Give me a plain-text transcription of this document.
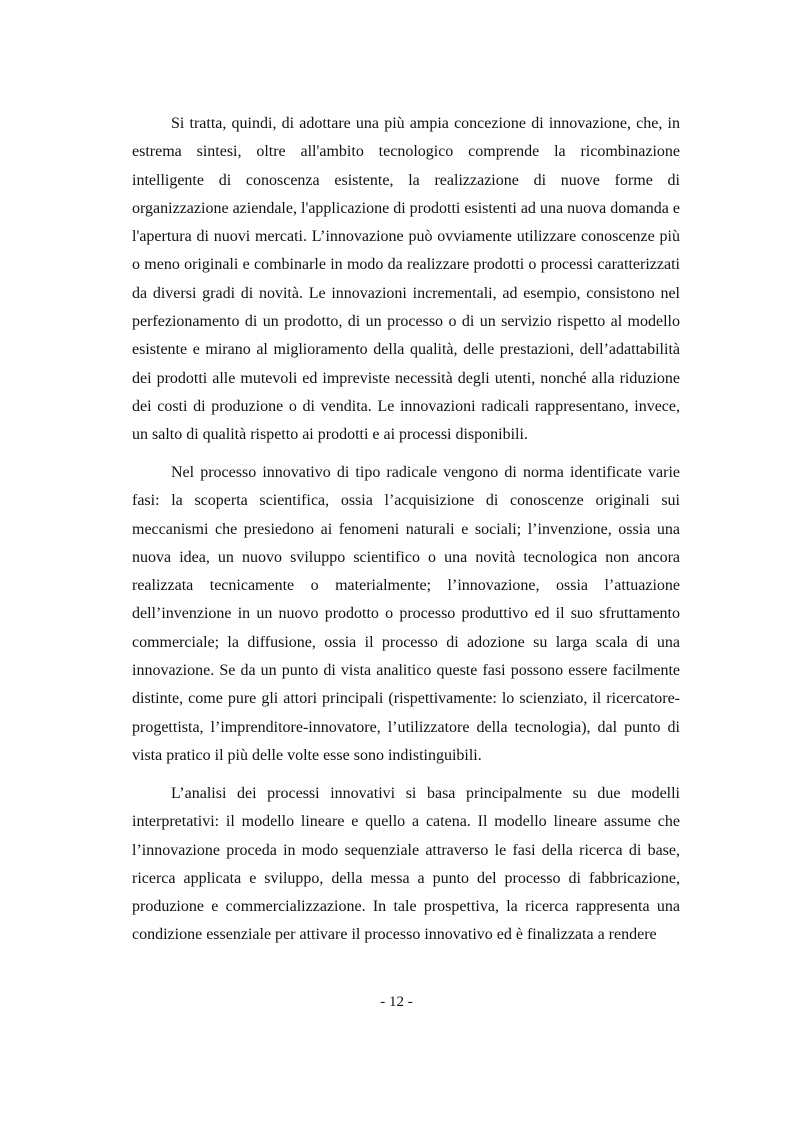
Si tratta, quindi, di adottare una più ampia concezione di innovazione, che, in estrema sintesi, oltre all'ambito tecnologico comprende la ricombinazione intelligente di conoscenza esistente, la realizzazione di nuove forme di organizzazione aziendale, l'applicazione di prodotti esistenti ad una nuova domanda e l'apertura di nuovi mercati. L’innovazione può ovviamente utilizzare conoscenze più o meno originali e combinarle in modo da realizzare prodotti o processi caratterizzati da diversi gradi di novità. Le innovazioni incrementali, ad esempio, consistono nel perfezionamento di un prodotto, di un processo o di un servizio rispetto al modello esistente e mirano al miglioramento della qualità, delle prestazioni, dell’adattabilità dei prodotti alle mutevoli ed impreviste necessità degli utenti, nonché alla riduzione dei costi di produzione o di vendita. Le innovazioni radicali rappresentano, invece, un salto di qualità rispetto ai prodotti e ai processi disponibili.

Nel processo innovativo di tipo radicale vengono di norma identificate varie fasi: la scoperta scientifica, ossia l’acquisizione di conoscenze originali sui meccanismi che presiedono ai fenomeni naturali e sociali; l’invenzione, ossia una nuova idea, un nuovo sviluppo scientifico o una novità tecnologica non ancora realizzata tecnicamente o materialmente; l’innovazione, ossia l’attuazione dell’invenzione in un nuovo prodotto o processo produttivo ed il suo sfruttamento commerciale; la diffusione, ossia il processo di adozione su larga scala di una innovazione. Se da un punto di vista analitico queste fasi possono essere facilmente distinte, come pure gli attori principali (rispettivamente: lo scienziato, il ricercatore-progettista, l’imprenditore-innovatore, l’utilizzatore della tecnologia), dal punto di vista pratico il più delle volte esse sono indistinguibili.

L’analisi dei processi innovativi si basa principalmente su due modelli interpretativi: il modello lineare e quello a catena. Il modello lineare assume che l’innovazione proceda in modo sequenziale attraverso le fasi della ricerca di base, ricerca applicata e sviluppo, della messa a punto del processo di fabbricazione, produzione e commercializzazione. In tale prospettiva, la ricerca rappresenta una condizione essenziale per attivare il processo innovativo ed è finalizzata a rendere

- 12 -
